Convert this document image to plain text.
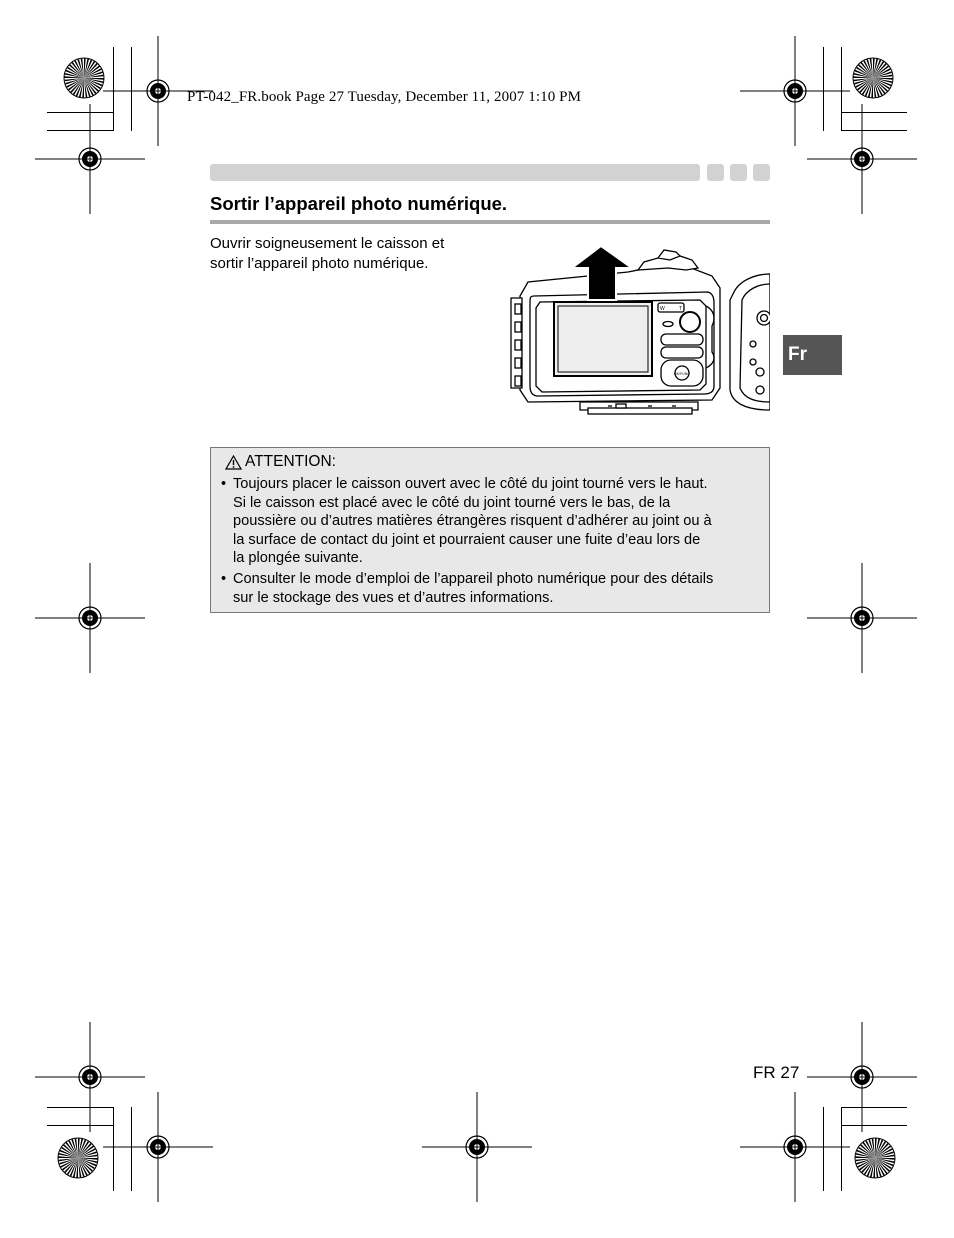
PT-042_FR.book Page 27 Tuesday, December 11, 2007 1:10 PM
Sortir l’appareil photo numérique.
Ouvrir soigneusement le caisson et
sortir l’appareil photo numérique.
W	T
OK/FUNC
Fr
ATTENTION:
• Toujours placer le caisson ouvert avec le côté du joint tourné vers le haut.
Si le caisson est placé avec le côté du joint tourné vers le bas, de la
poussière ou d’autres matières étrangères risquent d’adhérer au joint ou à
la surface de contact du joint et pourraient causer une fuite d’eau lors de
la plongée suivante.
• Consulter le mode d’emploi de l’appareil photo numérique pour des détails
sur le stockage des vues et d’autres informations.
FR 27
